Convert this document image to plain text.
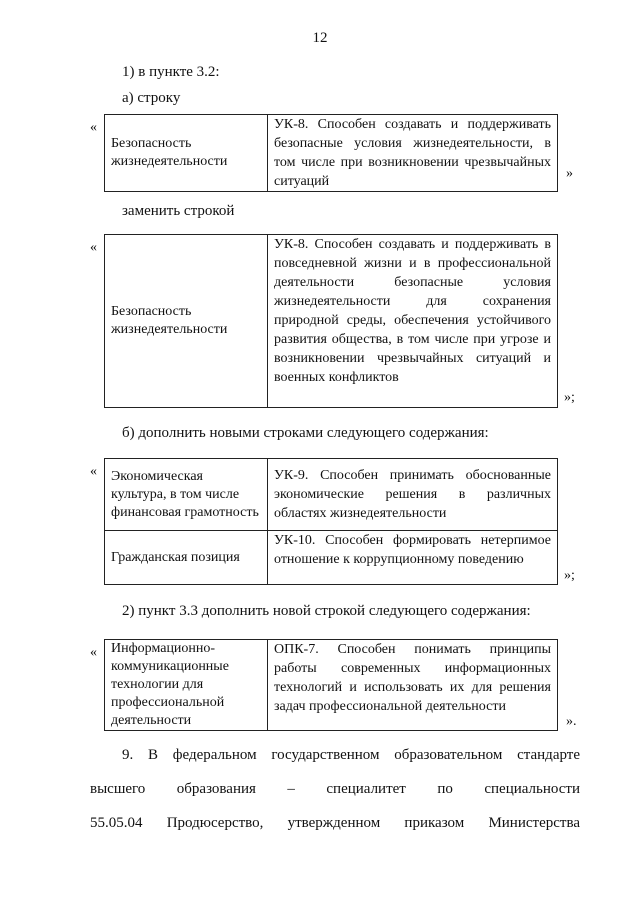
12
1) в пункте 3.2:
а) строку
«
Безопасность жизнедеятельности	УК-8. Способен создавать и поддерживать безопасные условия жизнедеятельности, в том числе при возникновении чрезвычайных ситуаций
»
заменить строкой
«
Безопасность жизнедеятельности	УК-8. Способен создавать и поддерживать в повседневной жизни и в профессиональной деятельности безопасные условия жизнедеятельности для сохранения природной среды, обеспечения устойчивого развития общества, в том числе при угрозе и возникновении чрезвычайных ситуаций и военных конфликтов
»;
б) дополнить новыми строками следующего содержания:
« Экономическая культура, в том числе финансовая грамотность	УК-9. Способен принимать обоснованные экономические решения в различных областях жизнедеятельности
Гражданская позиция	УК-10. Способен формировать нетерпимое отношение к коррупционному поведению
»;
2) пункт 3.3 дополнить новой строкой следующего содержания:
« Информационно-коммуникационные технологии для профессиональной деятельности	ОПК-7. Способен понимать принципы работы современных информационных технологий и использовать их для решения задач профессиональной деятельности
».
9. В федеральном государственном образовательном стандарте
высшего образования – специалитет по специальности
55.05.04 Продюсерство, утвержденном приказом Министерства
